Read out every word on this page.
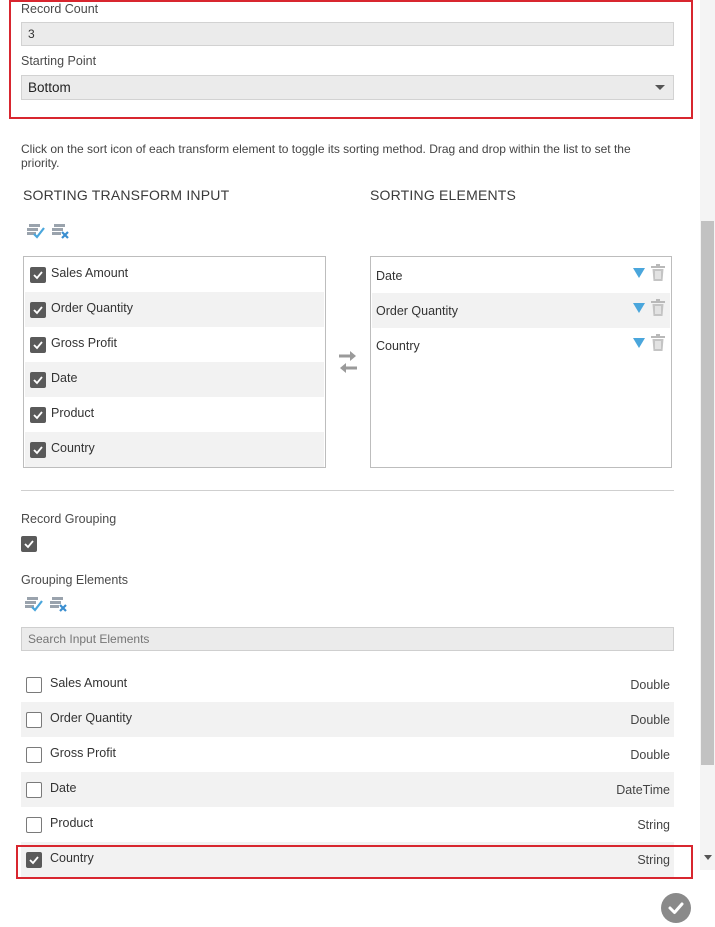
Record Count
3
Starting Point
Bottom
Click on the sort icon of each transform element to toggle its sorting method. Drag and drop within the list to set the priority.
SORTING TRANSFORM INPUT	SORTING ELEMENTS
Sales Amount
Order Quantity
Gross Profit
Date
Product
Country
Date
Order Quantity
Country
Record Grouping
Grouping Elements
Search Input Elements
Sales Amount	Double
Order Quantity	Double
Gross Profit	Double
Date	DateTime
Product	String
Country	String
